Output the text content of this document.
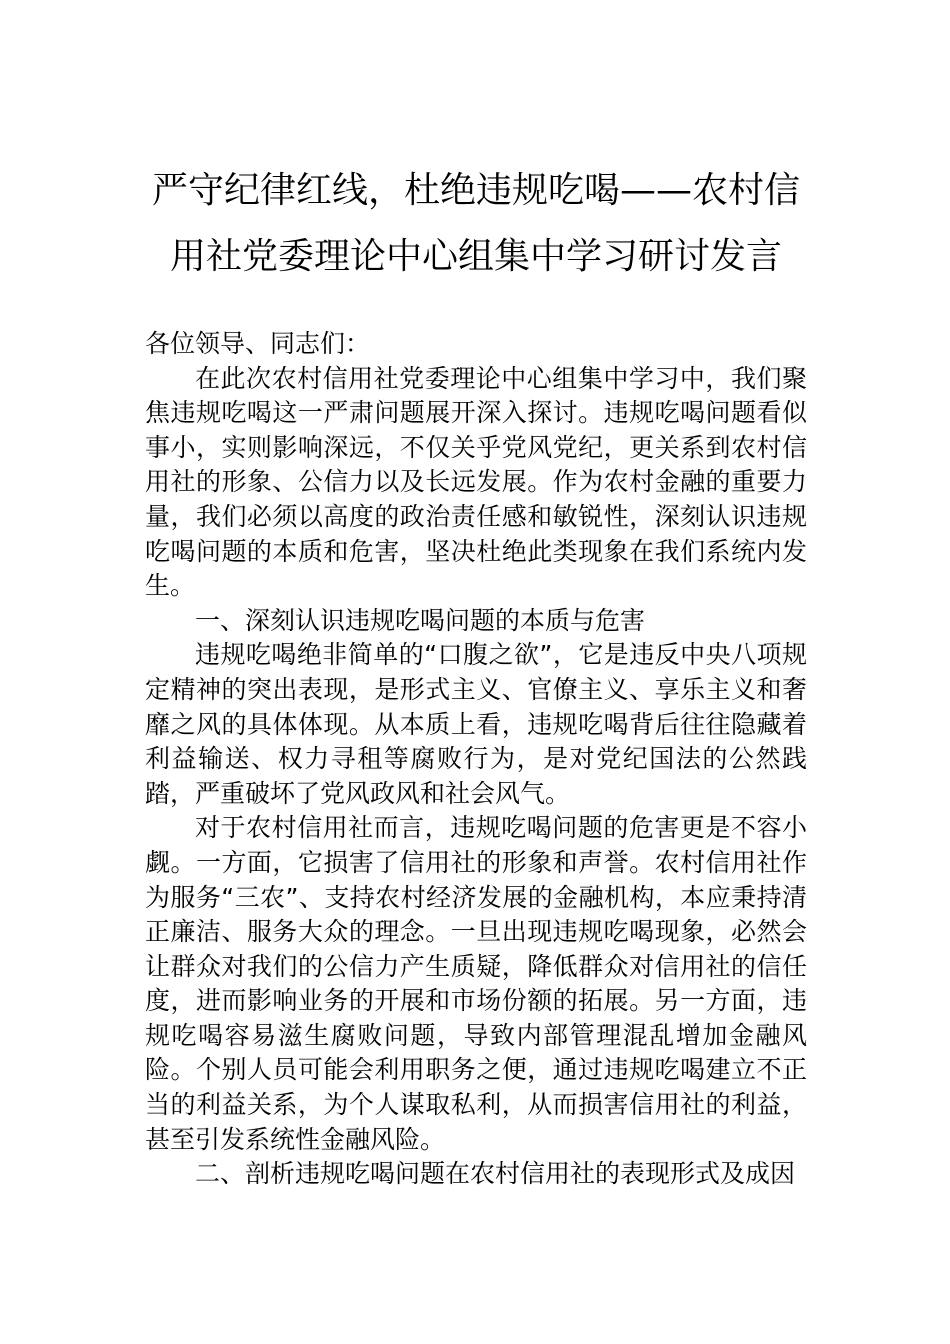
严守纪律红线，杜绝违规吃喝——农村信
用社党委理论中心组集中学习研讨发言

各位领导、同志们：

在此次农村信用社党委理论中心组集中学习中，我们聚焦违规吃喝这一严肃问题展开深入探讨。违规吃喝问题看似事小，实则影响深远，不仅关乎党风党纪，更关系到农村信用社的形象、公信力以及长远发展。作为农村金融的重要力量，我们必须以高度的政治责任感和敏锐性，深刻认识违规吃喝问题的本质和危害，坚决杜绝此类现象在我们系统内发生。

一、深刻认识违规吃喝问题的本质与危害

违规吃喝绝非简单的“口腹之欲”，它是违反中央八项规定精神的突出表现，是形式主义、官僚主义、享乐主义和奢靡之风的具体体现。从本质上看，违规吃喝背后往往隐藏着利益输送、权力寻租等腐败行为，是对党纪国法的公然践踏，严重破坏了党风政风和社会风气。

对于农村信用社而言，违规吃喝问题的危害更是不容小觑。一方面，它损害了信用社的形象和声誉。农村信用社作为服务“三农”、支持农村经济发展的金融机构，本应秉持清正廉洁、服务大众的理念。一旦出现违规吃喝现象，必然会让群众对我们的公信力产生质疑，降低群众对信用社的信任度，进而影响业务的开展和市场份额的拓展。另一方面，违规吃喝容易滋生腐败问题，导致内部管理混乱增加金融风险。个别人员可能会利用职务之便，通过违规吃喝建立不正当的利益关系，为个人谋取私利，从而损害信用社的利益，甚至引发系统性金融风险。

二、剖析违规吃喝问题在农村信用社的表现形式及成因
